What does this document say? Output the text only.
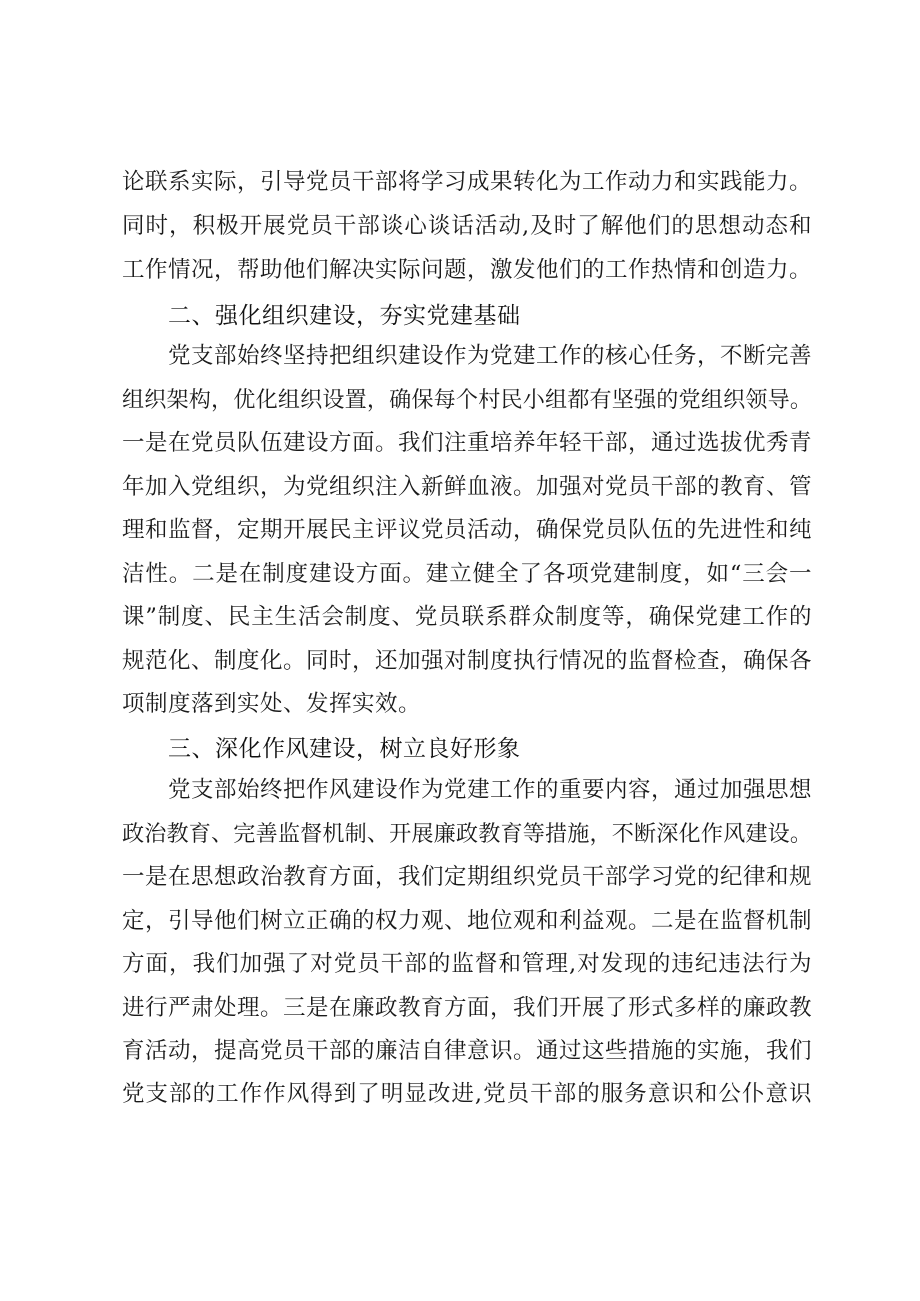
论联系实际，引导党员干部将学习成果转化为工作动力和实践能力。
同时，积极开展党员干部谈心谈话活动,及时了解他们的思想动态和
工作情况，帮助他们解决实际问题，激发他们的工作热情和创造力。
二、强化组织建设，夯实党建基础
党支部始终坚持把组织建设作为党建工作的核心任务，不断完善
组织架构，优化组织设置，确保每个村民小组都有坚强的党组织领导。
一是在党员队伍建设方面。我们注重培养年轻干部，通过选拔优秀青
年加入党组织，为党组织注入新鲜血液。加强对党员干部的教育、管
理和监督，定期开展民主评议党员活动，确保党员队伍的先进性和纯
洁性。二是在制度建设方面。建立健全了各项党建制度，如“三会一
课”制度、民主生活会制度、党员联系群众制度等，确保党建工作的
规范化、制度化。同时，还加强对制度执行情况的监督检查，确保各
项制度落到实处、发挥实效。
三、深化作风建设，树立良好形象
党支部始终把作风建设作为党建工作的重要内容，通过加强思想
政治教育、完善监督机制、开展廉政教育等措施，不断深化作风建设。
一是在思想政治教育方面，我们定期组织党员干部学习党的纪律和规
定，引导他们树立正确的权力观、地位观和利益观。二是在监督机制
方面，我们加强了对党员干部的监督和管理,对发现的违纪违法行为
进行严肃处理。三是在廉政教育方面，我们开展了形式多样的廉政教
育活动，提高党员干部的廉洁自律意识。通过这些措施的实施，我们
党支部的工作作风得到了明显改进,党员干部的服务意识和公仆意识
